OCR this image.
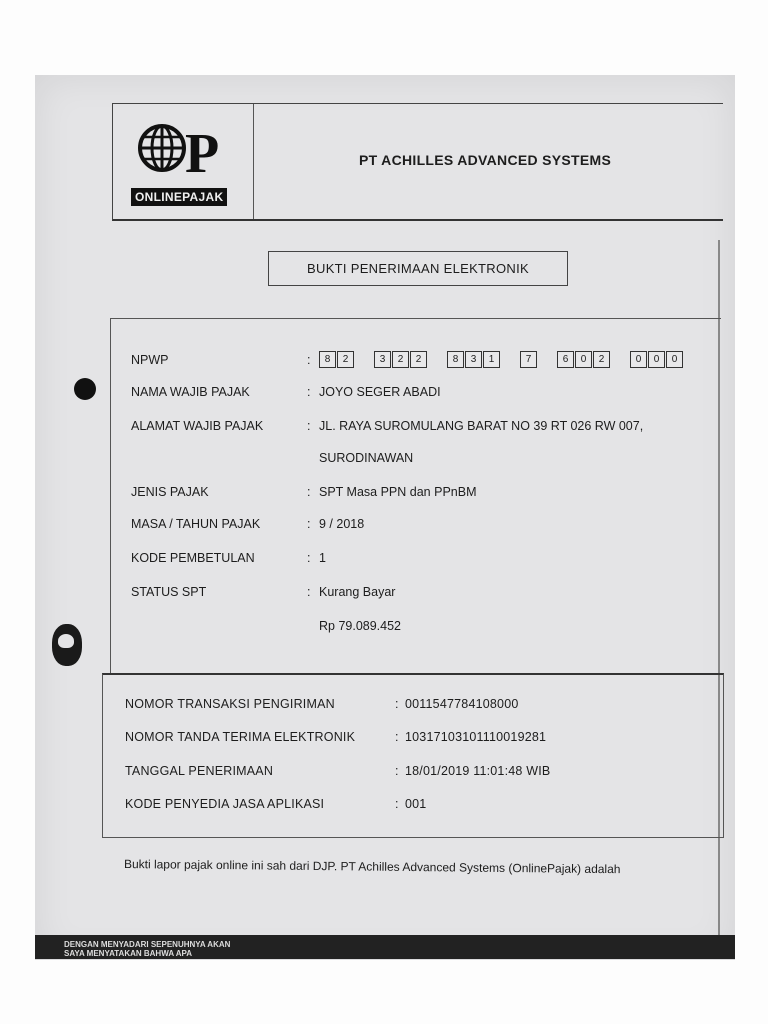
P
ONLINEPAJAK
PT ACHILLES ADVANCED SYSTEMS
BUKTI PENERIMAAN ELEKTRONIK
NPWP	:	8	2	3	2	2	8	3	1	7	6	0	2	0	0	0
NAMA WAJIB PAJAK	: JOYO SEGER ABADI
ALAMAT WAJIB PAJAK	: JL. RAYA SUROMULANG BARAT NO 39 RT 026 RW 007,
SURODINAWAN
JENIS PAJAK	: SPT Masa PPN dan PPnBM
MASA / TAHUN PAJAK	: 9 / 2018
KODE PEMBETULAN	: 1
STATUS SPT	: Kurang Bayar
Rp 79.089.452
NOMOR TRANSAKSI PENGIRIMAN	: 0011547784108000
NOMOR TANDA TERIMA ELEKTRONIK	: 10317103101110019281
TANGGAL PENERIMAAN	: 18/01/2019 11:01:48 WIB
KODE PENYEDIA JASA APLIKASI	: 001
Bukti lapor pajak online ini sah dari DJP. PT Achilles Advanced Systems (OnlinePajak) adalah
DENGAN MENYADARI SEPENUHNYA AKAN
SAYA MENYATAKAN BAHWA APA
